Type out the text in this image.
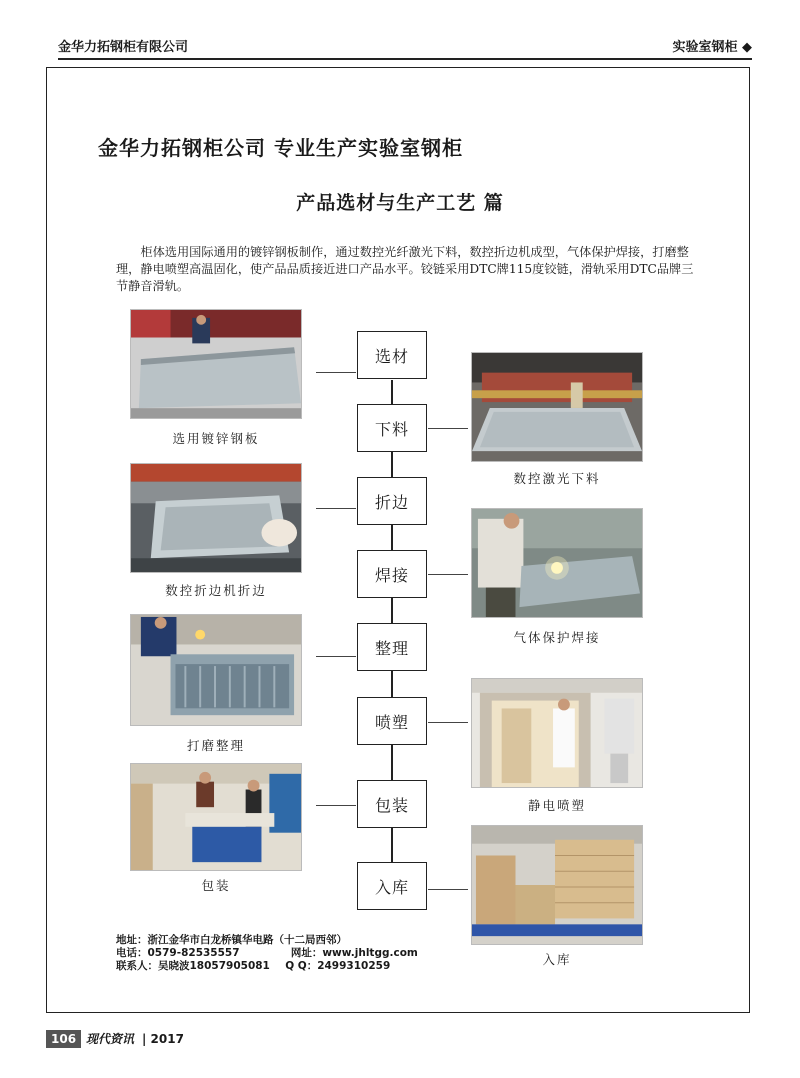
金华力拓钢柜有限公司	实验室钢柜 ◆
金华力拓钢柜公司 专业生产实验室钢柜
产品选材与生产工艺 篇

柜体选用国际通用的镀锌钢板制作，通过数控光纤激光下料，数控折边机成型，气体保护焊接，打磨整理，静电喷塑高温固化，使产品品质接近进口产品水平。铰链采用DTC牌115度铰链，滑轨采用DTC品牌三节静音滑轨。

选材
下料
折边
焊接
整理
喷塑
包装
入库
选用镀锌钢板
数控折边机折边
打磨整理
包装
数控激光下料
气体保护焊接
静电喷塑
入库
地址：浙江金华市白龙桥镇华电路（十二局西邻）
电话：0579-82535557	网址：www.jhltgg.com
联系人：吴晓波18057905081 Q Q：2499310259
106 现代资讯 | 2017
